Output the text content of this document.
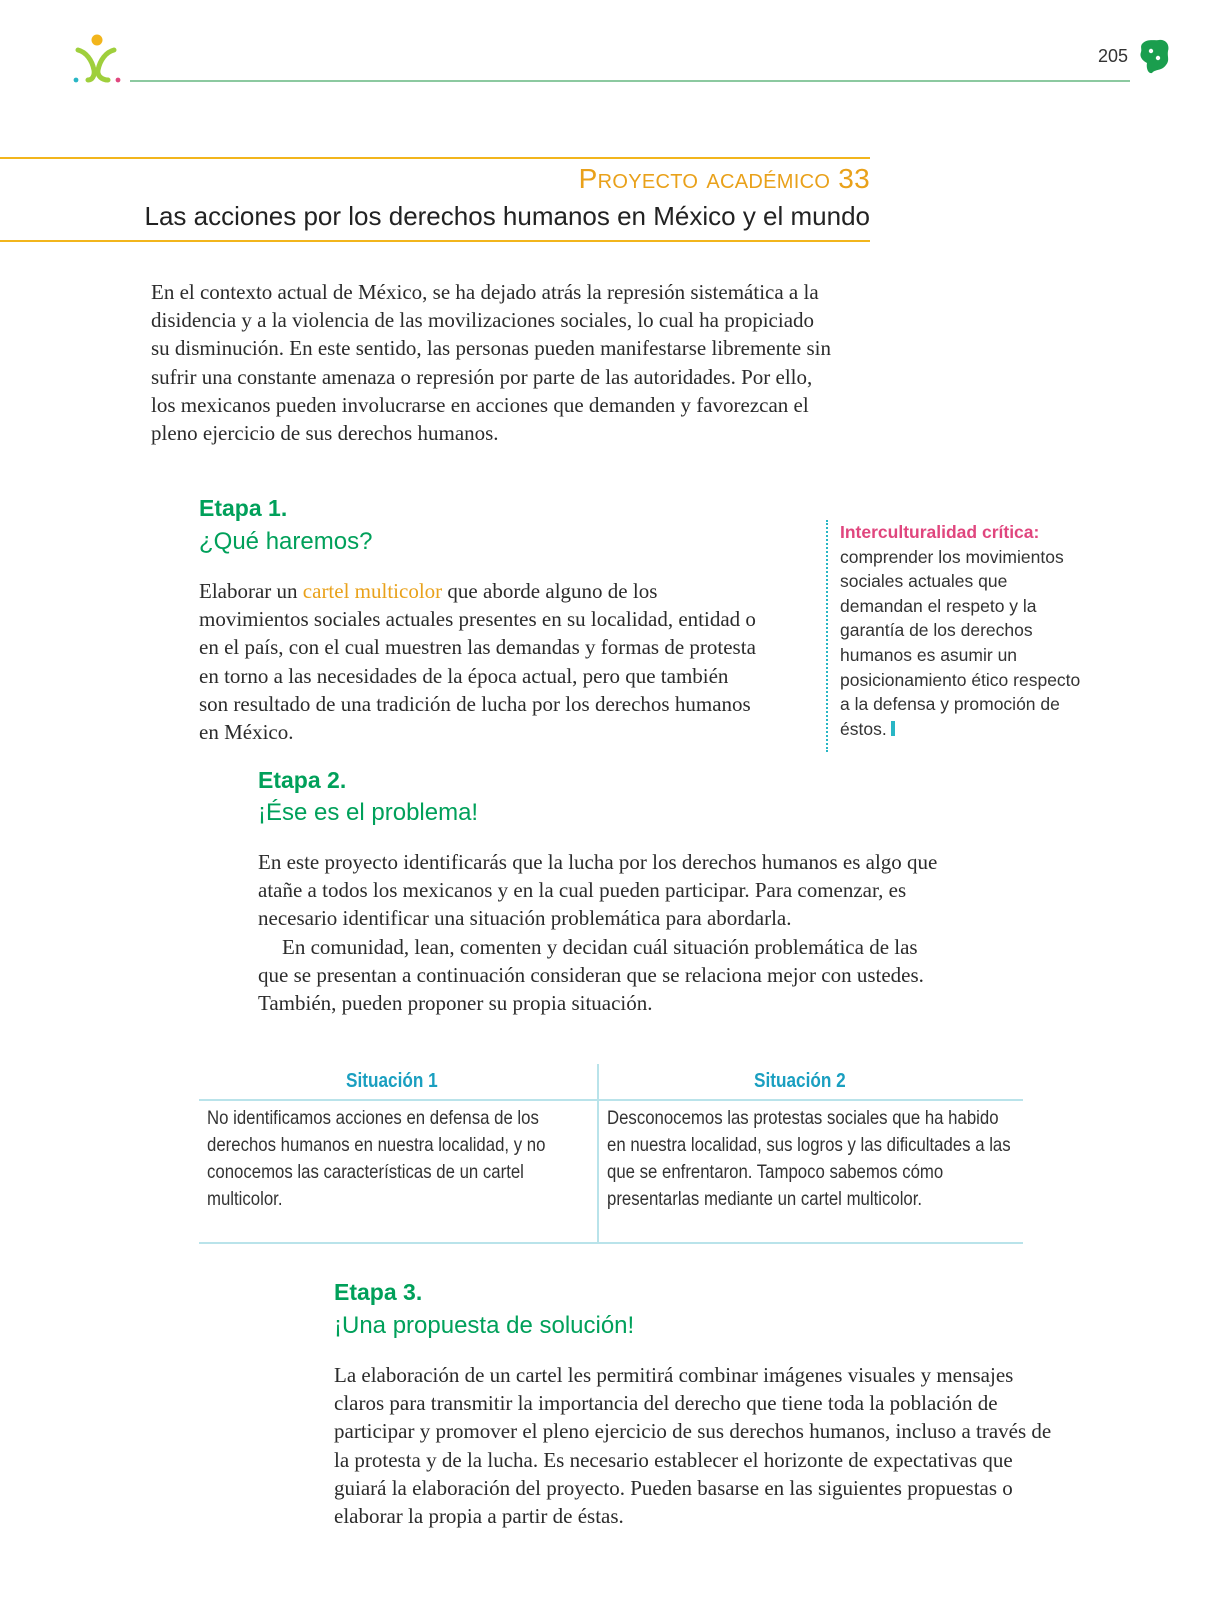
205
Proyecto académico 33
Las acciones por los derechos humanos en México y el mundo
En el contexto actual de México, se ha dejado atrás la represión sistemática a la disidencia y a la violencia de las movilizaciones sociales, lo cual ha propiciado su disminución. En este sentido, las personas pueden manifestarse libremente sin sufrir una constante amenaza o represión por parte de las autoridades. Por ello, los mexicanos pueden involucrarse en acciones que demanden y favorezcan el pleno ejercicio de sus derechos humanos.
Etapa 1.
¿Qué haremos?
Elaborar un cartel multicolor que aborde alguno de los movimientos sociales actuales presentes en su localidad, entidad o en el país, con el cual muestren las demandas y formas de protesta en torno a las necesidades de la época actual, pero que también son resultado de una tradición de lucha por los derechos humanos en México.
Interculturalidad crítica: comprender los movimientos sociales actuales que demandan el respeto y la garantía de los derechos humanos es asumir un posicionamiento ético respecto a la defensa y promoción de éstos.
Etapa 2.
¡Ése es el problema!
En este proyecto identificarás que la lucha por los derechos humanos es algo que atañe a todos los mexicanos y en la cual pueden participar. Para comenzar, es necesario identificar una situación problemática para abordarla.
En comunidad, lean, comenten y decidan cuál situación problemática de las que se presentan a continuación consideran que se relaciona mejor con ustedes. También, pueden proponer su propia situación.
Situación 1	Situación 2
No identificamos acciones en defensa de los derechos humanos en nuestra localidad, y no conocemos las características de un cartel multicolor.
Desconocemos las protestas sociales que ha habido en nuestra localidad, sus logros y las dificultades a las que se enfrentaron. Tampoco sabemos cómo presentarlas mediante un cartel multicolor.
Etapa 3.
¡Una propuesta de solución!
La elaboración de un cartel les permitirá combinar imágenes visuales y mensajes claros para transmitir la importancia del derecho que tiene toda la población de participar y promover el pleno ejercicio de sus derechos humanos, incluso a través de la protesta y de la lucha. Es necesario establecer el horizonte de expectativas que guiará la elaboración del proyecto. Pueden basarse en las siguientes propuestas o elaborar la propia a partir de éstas.
